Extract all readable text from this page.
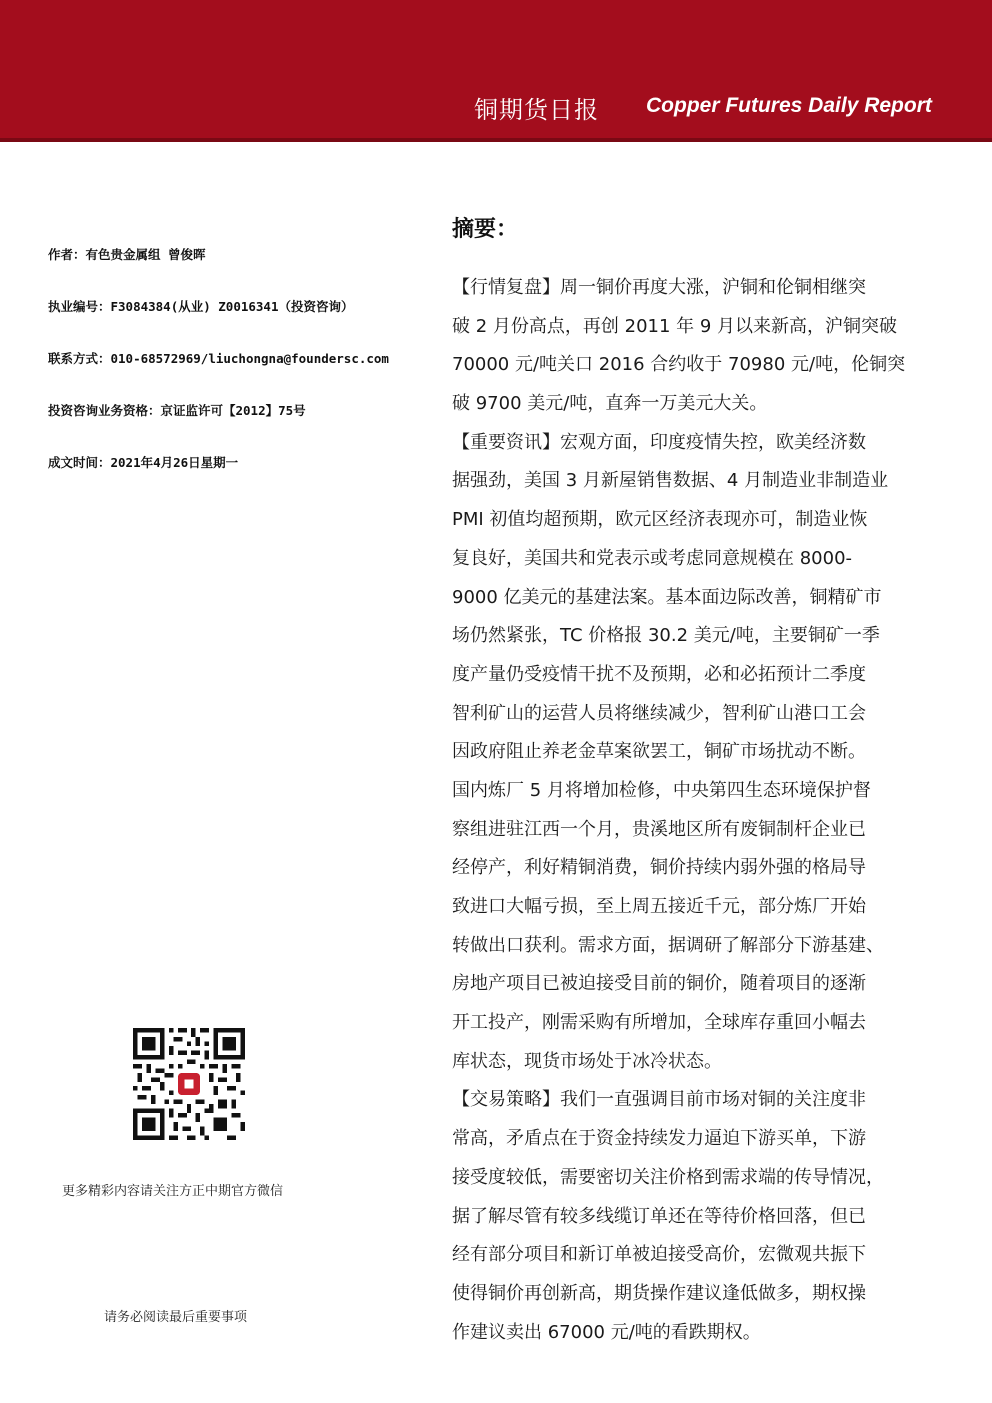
铜期货日报 Copper Futures Daily Report
作者：有色贵金属组 曾俊晖
执业编号：F3084384(从业) Z0016341（投资咨询）
联系方式：010-68572969/liuchongna@foundersc.com
投资咨询业务资格：京证监许可【2012】75号
成文时间：2021年4月26日星期一
更多精彩内容请关注方正中期官方微信
请务必阅读最后重要事项
摘要：
【行情复盘】周一铜价再度大涨，沪铜和伦铜相继突
破 2 月份高点，再创 2011 年 9 月以来新高，沪铜突破
70000 元/吨关口 2016 合约收于 70980 元/吨，伦铜突
破 9700 美元/吨，直奔一万美元大关。
【重要资讯】宏观方面，印度疫情失控，欧美经济数
据强劲，美国 3 月新屋销售数据、4 月制造业非制造业
PMI 初值均超预期，欧元区经济表现亦可，制造业恢
复良好，美国共和党表示或考虑同意规模在 8000-
9000 亿美元的基建法案。基本面边际改善，铜精矿市
场仍然紧张，TC 价格报 30.2 美元/吨，主要铜矿一季
度产量仍受疫情干扰不及预期，必和必拓预计二季度
智利矿山的运营人员将继续减少，智利矿山港口工会
因政府阻止养老金草案欲罢工，铜矿市场扰动不断。
国内炼厂 5 月将增加检修，中央第四生态环境保护督
察组进驻江西一个月，贵溪地区所有废铜制杆企业已
经停产，利好精铜消费，铜价持续内弱外强的格局导
致进口大幅亏损，至上周五接近千元，部分炼厂开始
转做出口获利。需求方面，据调研了解部分下游基建、
房地产项目已被迫接受目前的铜价，随着项目的逐渐
开工投产，刚需采购有所增加，全球库存重回小幅去
库状态，现货市场处于冰冷状态。
【交易策略】我们一直强调目前市场对铜的关注度非
常高，矛盾点在于资金持续发力逼迫下游买单，下游
接受度较低，需要密切关注价格到需求端的传导情况，
据了解尽管有较多线缆订单还在等待价格回落，但已
经有部分项目和新订单被迫接受高价，宏微观共振下
使得铜价再创新高，期货操作建议逢低做多，期权操
作建议卖出 67000 元/吨的看跌期权。
